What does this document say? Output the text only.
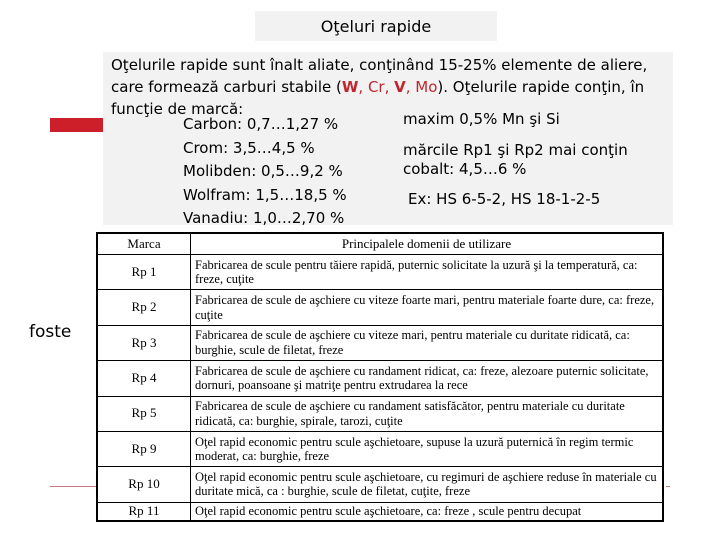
Oţeluri rapide
Oţelurile rapide sunt înalt aliate, conţinând 15-25% elemente de aliere, care formează carburi stabile (W, Cr, V, Mo). Oţelurile rapide conţin, în funcţie de marcă:
Carbon: 0,7…1,27 %
Crom: 3,5…4,5 %
Molibden: 0,5…9,2 %
Wolfram: 1,5…18,5 %
Vanadiu: 1,0…2,70 %
maxim 0,5% Mn şi Si
mărcile Rp1 şi Rp2 mai conţin
cobalt: 4,5…6 %
Ex: HS 6-5-2, HS 18-1-2-5
foste
Marca	Principalele domenii de utilizare
Rp 1	Fabricarea de scule pentru tăiere rapidă, puternic solicitate la uzură şi la temperatură, ca: freze, cuţite
Rp 2	Fabricarea de scule de aşchiere cu viteze foarte mari, pentru materiale foarte dure, ca: freze, cuţite
Rp 3	Fabricarea de scule de aşchiere cu viteze mari, pentru materiale cu duritate ridicată, ca: burghie, scule de filetat, freze
Rp 4	Fabricarea de scule de aşchiere cu randament ridicat, ca: freze, alezoare puternic solicitate, dornuri, poansoane şi matriţe pentru extrudarea la rece
Rp 5	Fabricarea de scule de aşchiere cu randament satisfăcător, pentru materiale cu duritate ridicată, ca: burghie, spirale, tarozi, cuţite
Rp 9	Oţel rapid economic pentru scule aşchietoare, supuse la uzură puternică în regim termic moderat, ca: burghie, freze
Rp 10	Oţel rapid economic pentru scule aşchietoare, cu regimuri de aşchiere reduse în materiale cu duritate mică, ca : burghie, scule de filetat, cuţite, freze
Rp 11	Oţel rapid economic pentru scule aşchietoare, ca: freze , scule pentru decupat
